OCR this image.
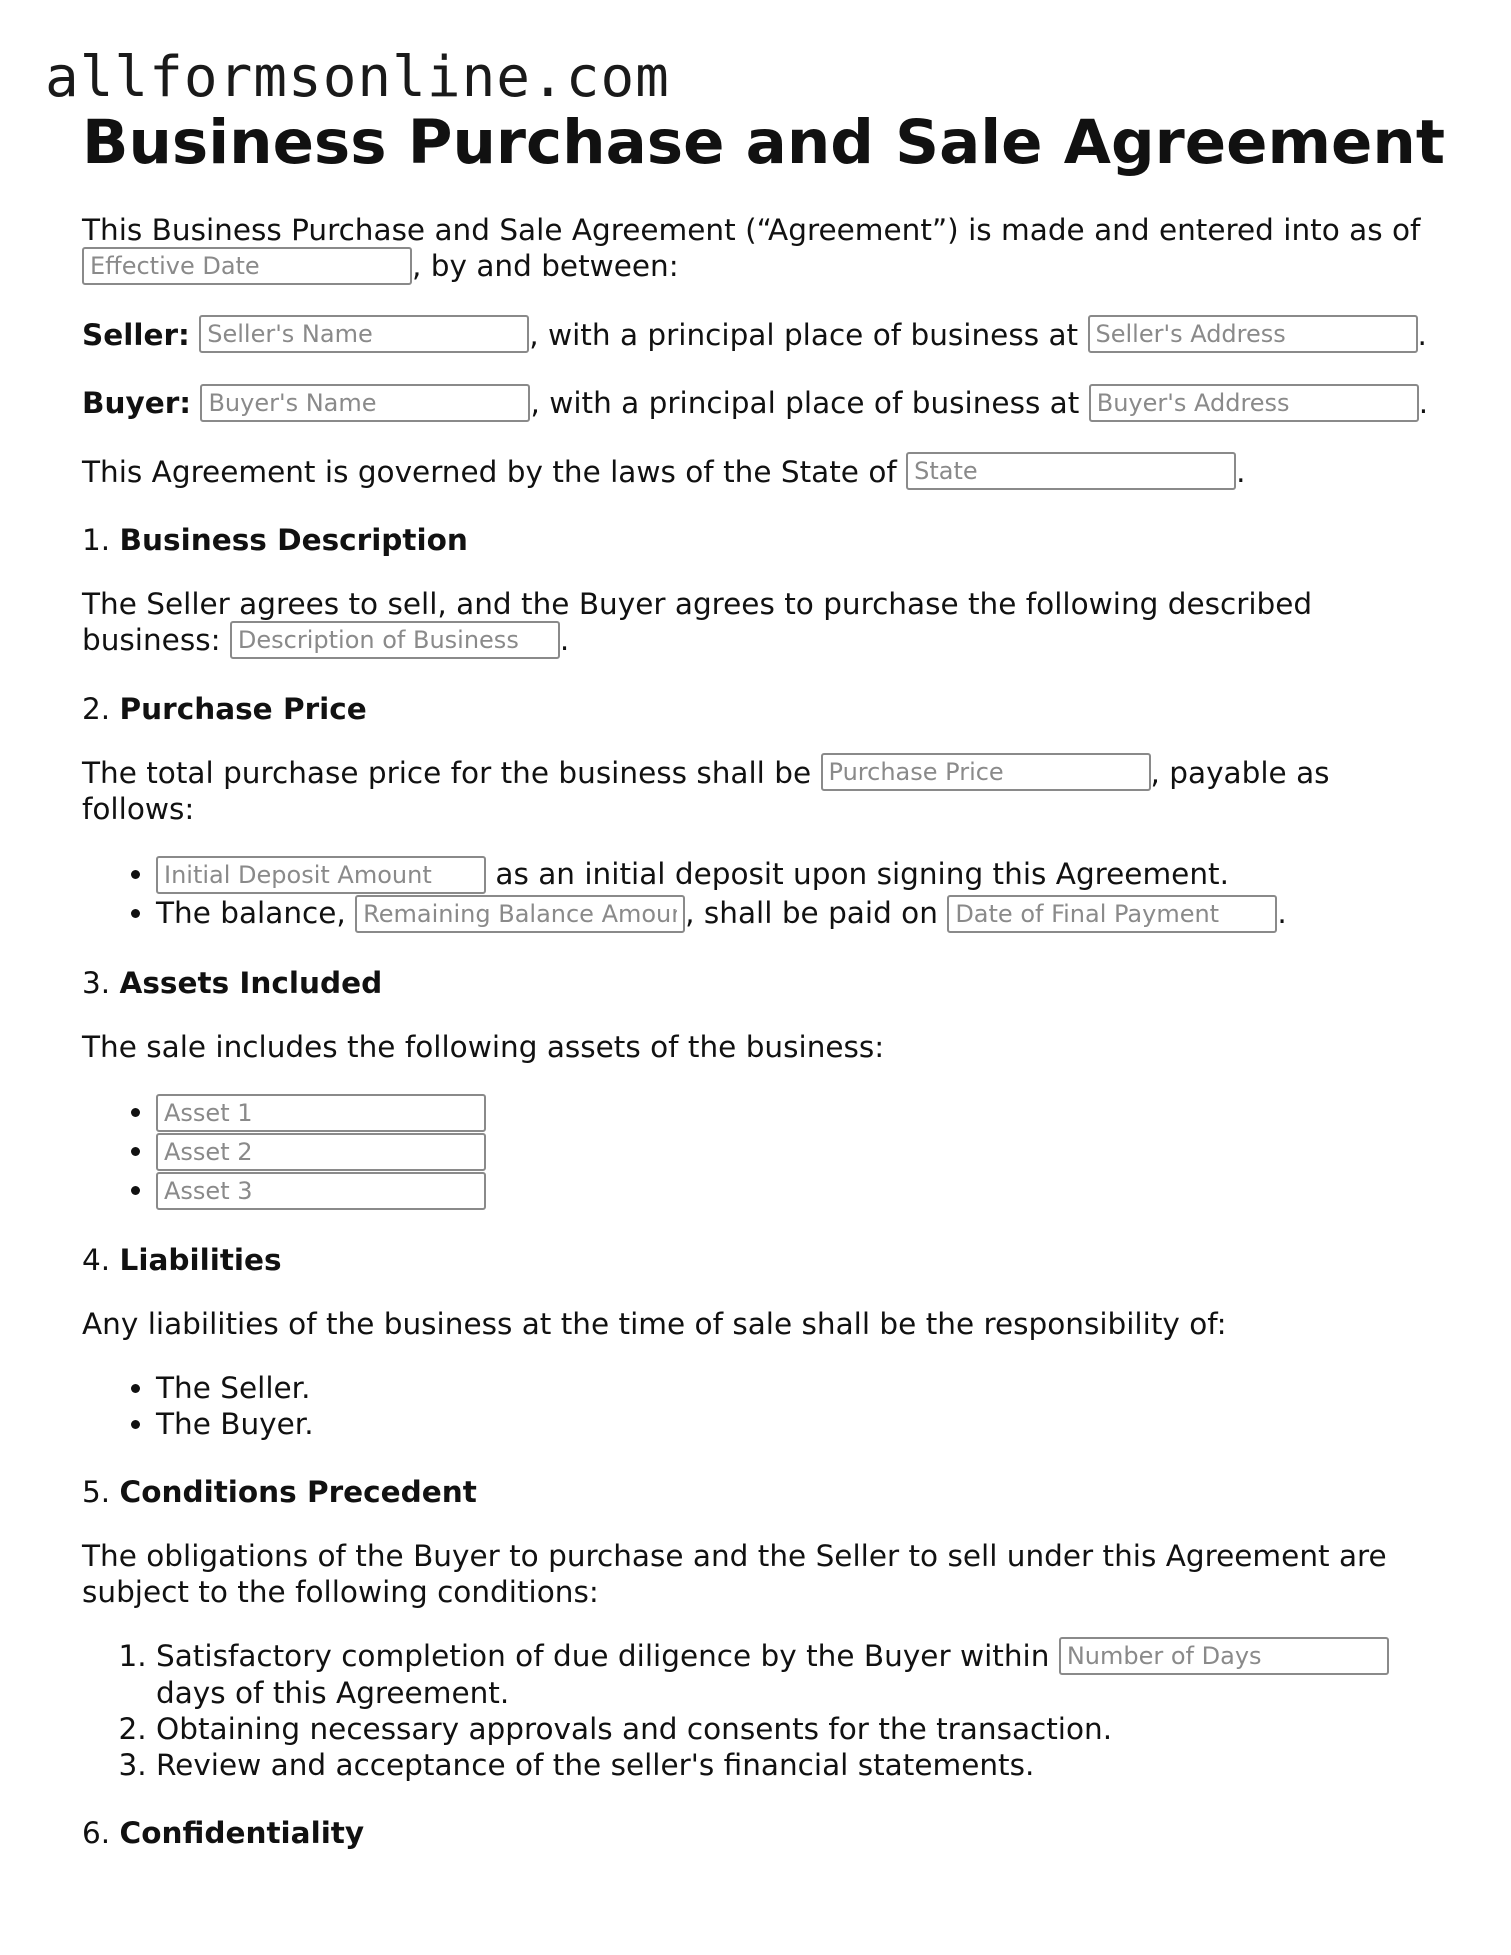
allformsonline.com
Business Purchase and Sale Agreement

This Business Purchase and Sale Agreement (“Agreement”) is made and entered into as of
Effective Date, by and between:

Seller: Seller's Name	, with a principal place of business at Seller's Address	.

Buyer: Buyer's Name	, with a principal place of business at Buyer's Address	.

This Agreement is governed by the laws of the State of State	.

1. Business Description

The Seller agrees to sell, and the Buyer agrees to purchase the following described business: Description of Business	.

2. Purchase Price

The total purchase price for the business shall be Purchase Price	, payable as follows:

Initial Deposit Amount • as an initial deposit upon signing this Agreement.
• The balance, Remaining Balance Amount	, shall be paid on Date of Final Payment	.
3. Assets Included

The sale includes the following assets of the business:

• Asset 1
• Asset 2
• Asset 3
4. Liabilities

Any liabilities of the business at the time of sale shall be the responsibility of:

• The Seller.
• The Buyer.
5. Conditions Precedent

The obligations of the Buyer to purchase and the Seller to sell under this Agreement are subject to the following conditions:

1. Satisfactory completion of due diligence by the Buyer within Number of Days
days of this Agreement.
2. Obtaining necessary approvals and consents for the transaction.
3. Review and acceptance of the seller's financial statements.
6. Confidentiality
